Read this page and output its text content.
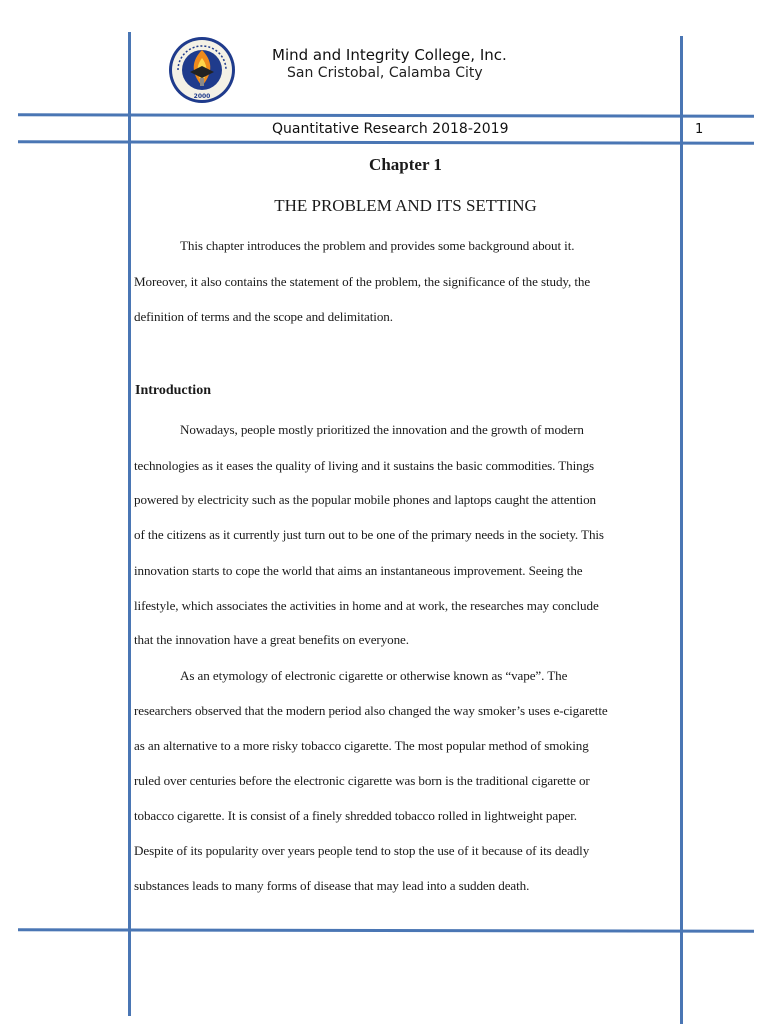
2000
Mind and Integrity College, Inc.
San Cristobal, Calamba City
Quantitative Research 2018-2019	1
Chapter 1
THE PROBLEM AND ITS SETTING
This chapter introduces the problem and provides some background about it.
Moreover, it also contains the statement of the problem, the significance of the study, the
definition of terms and the scope and delimitation.
Introduction
Nowadays, people mostly prioritized the innovation and the growth of modern
technologies as it eases the quality of living and it sustains the basic commodities. Things
powered by electricity such as the popular mobile phones and laptops caught the attention
of the citizens as it currently just turn out to be one of the primary needs in the society. This
innovation starts to cope the world that aims an instantaneous improvement. Seeing the
lifestyle, which associates the activities in home and at work, the researches may conclude
that the innovation have a great benefits on everyone.
As an etymology of electronic cigarette or otherwise known as “vape”. The
researchers observed that the modern period also changed the way smoker’s uses e-cigarette
as an alternative to a more risky tobacco cigarette. The most popular method of smoking
ruled over centuries before the electronic cigarette was born is the traditional cigarette or
tobacco cigarette. It is consist of a finely shredded tobacco rolled in lightweight paper.
Despite of its popularity over years people tend to stop the use of it because of its deadly
substances leads to many forms of disease that may lead into a sudden death.
